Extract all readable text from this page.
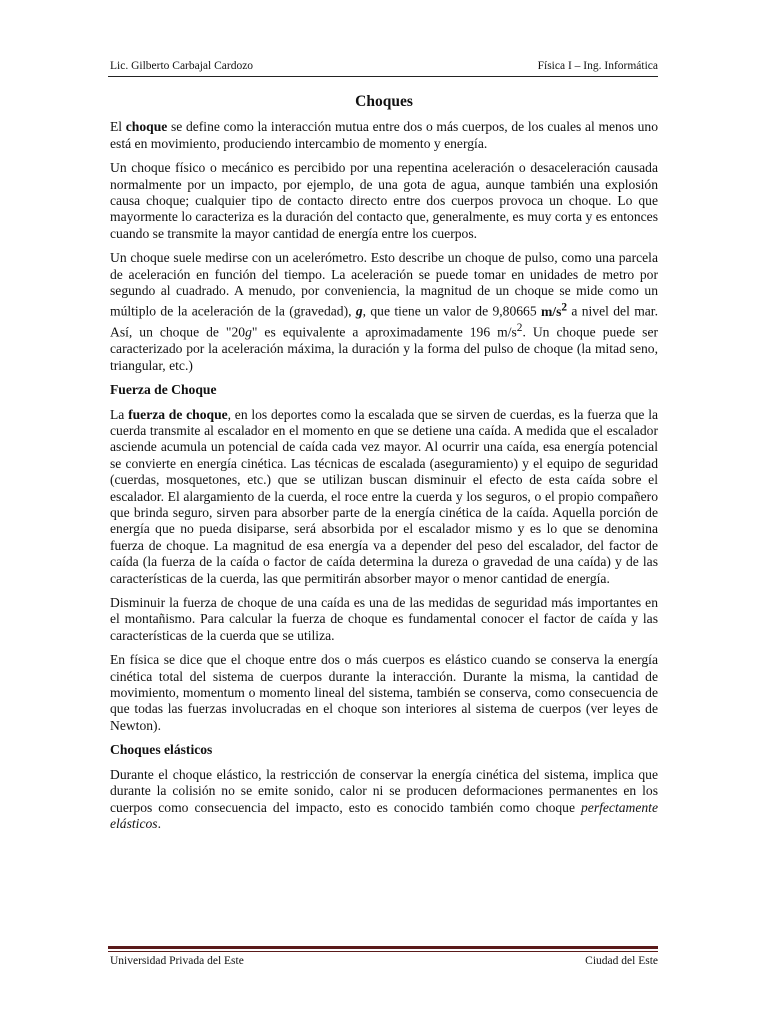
Lic. Gilberto Carbajal Cardozo	Física I – Ing. Informática
Choques

El choque se define como la interacción mutua entre dos o más cuerpos, de los cuales al menos uno está en movimiento, produciendo intercambio de momento y energía.

Un choque físico o mecánico es percibido por una repentina aceleración o desaceleración causada normalmente por un impacto, por ejemplo, de una gota de agua, aunque también una explosión causa choque; cualquier tipo de contacto directo entre dos cuerpos provoca un choque. Lo que mayormente lo caracteriza es la duración del contacto que, generalmente, es muy corta y es entonces cuando se transmite la mayor cantidad de energía entre los cuerpos.

Un choque suele medirse con un acelerómetro. Esto describe un choque de pulso, como una parcela de aceleración en función del tiempo. La aceleración se puede tomar en unidades de metro por segundo al cuadrado. A menudo, por conveniencia, la magnitud de un choque se mide como un múltiplo de la aceleración de la (gravedad), g, que tiene un valor de 9,80665 $m/s^2$ a nivel del mar. Así, un choque de "20g" es equivalente a aproximadamente 196 $m/s^2$. Un choque puede ser caracterizado por la aceleración máxima, la duración y la forma del pulso de choque (la mitad seno, triangular, etc.)

Fuerza de Choque

La fuerza de choque, en los deportes como la escalada que se sirven de cuerdas, es la fuerza que la cuerda transmite al escalador en el momento en que se detiene una caída. A medida que el escalador asciende acumula un potencial de caída cada vez mayor. Al ocurrir una caída, esa energía potencial se convierte en energía cinética. Las técnicas de escalada (aseguramiento) y el equipo de seguridad (cuerdas, mosquetones, etc.) que se utilizan buscan disminuir el efecto de esta caída sobre el escalador. El alargamiento de la cuerda, el roce entre la cuerda y los seguros, o el propio compañero que brinda seguro, sirven para absorber parte de la energía cinética de la caída. Aquella porción de energía que no pueda disiparse, será absorbida por el escalador mismo y es lo que se denomina fuerza de choque. La magnitud de esa energía va a depender del peso del escalador, del factor de caída (la fuerza de la caída o factor de caída determina la dureza o gravedad de una caída) y de las características de la cuerda, las que permitirán absorber mayor o menor cantidad de energía.

Disminuir la fuerza de choque de una caída es una de las medidas de seguridad más importantes en el montañismo. Para calcular la fuerza de choque es fundamental conocer el factor de caída y las características de la cuerda que se utiliza.

En física se dice que el choque entre dos o más cuerpos es elástico cuando se conserva la energía cinética total del sistema de cuerpos durante la interacción. Durante la misma, la cantidad de movimiento, momentum o momento lineal del sistema, también se conserva, como consecuencia de que todas las fuerzas involucradas en el choque son interiores al sistema de cuerpos (ver leyes de Newton).

Choques elásticos

Durante el choque elástico, la restricción de conservar la energía cinética del sistema, implica que durante la colisión no se emite sonido, calor ni se producen deformaciones permanentes en los cuerpos como consecuencia del impacto, esto es conocido también como choque perfectamente elásticos.

Universidad Privada del Este	Ciudad del Este
